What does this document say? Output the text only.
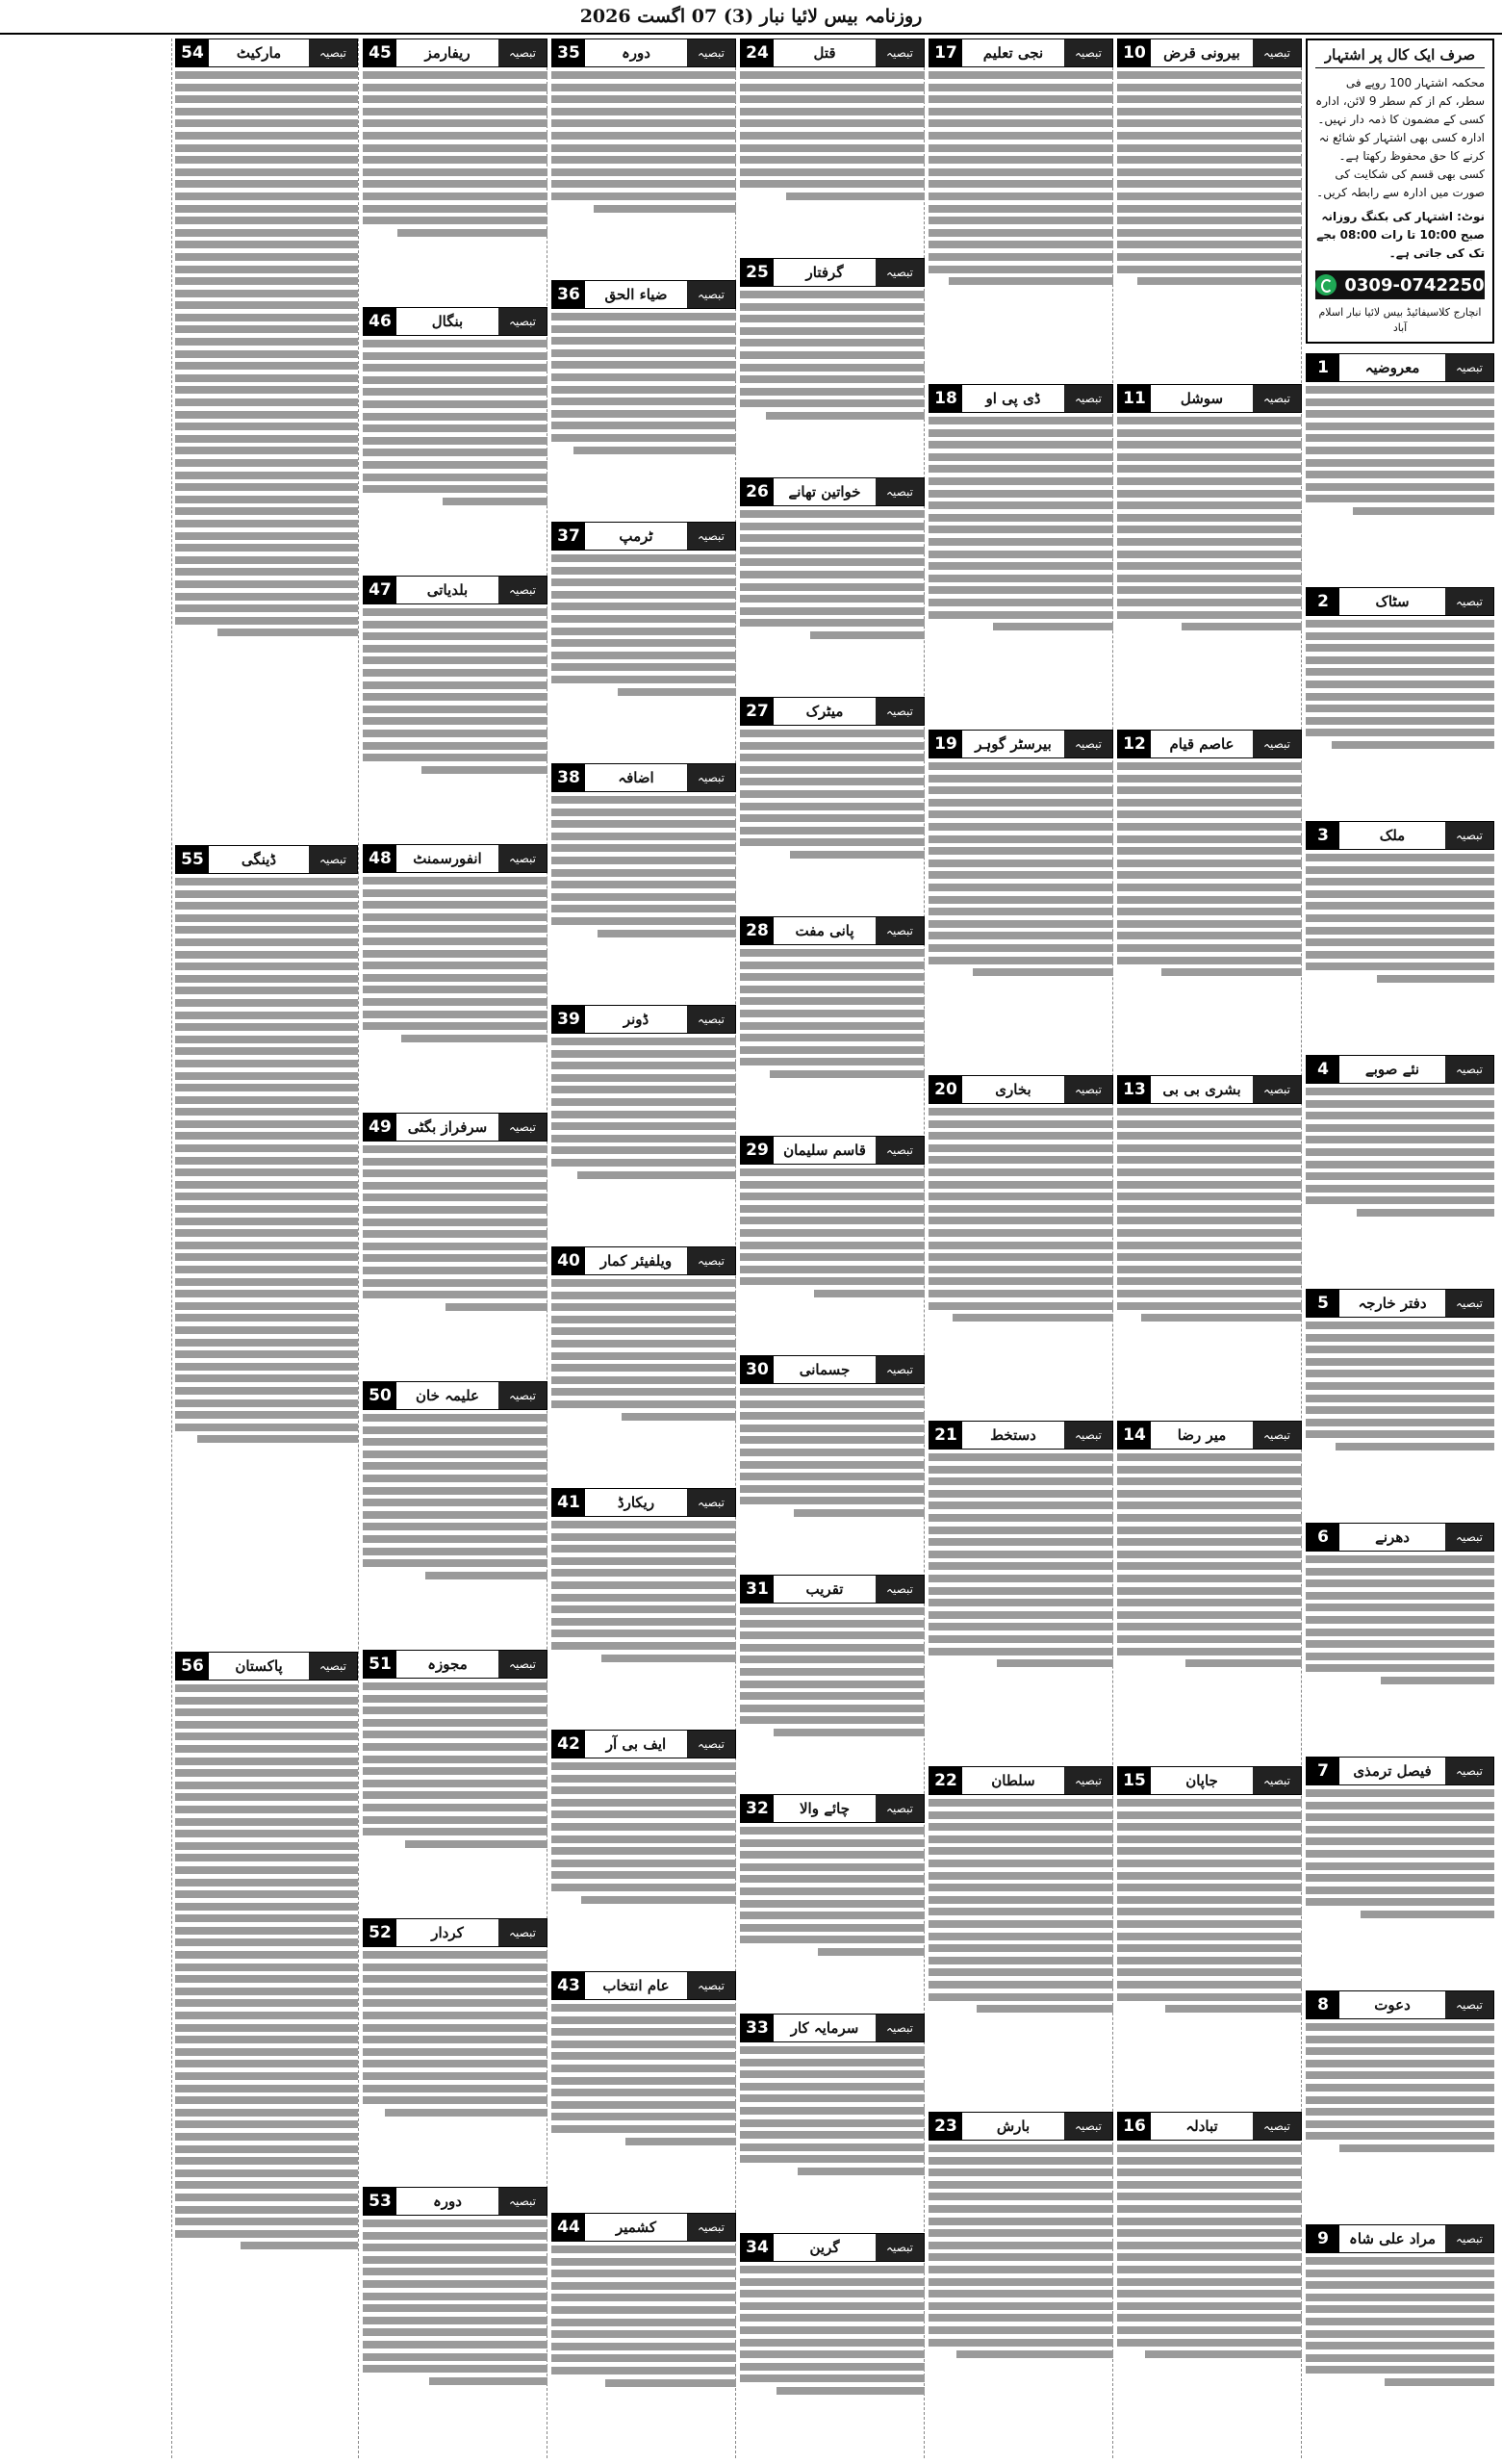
روزنامہ بیس لائیا نبار (3) 07 اگست 2026
صرف ایک کال پر اشتہار
محکمہ اشتہار 100 روپے فی سطر، کم از کم سطر 9 لائن، ادارہ کسی کے مضمون کا ذمہ دار نہیں۔ ادارہ کسی بھی اشتہار کو شائع نہ کرنے کا حق محفوظ رکھتا ہے۔ کسی بھی قسم کی شکایت کی صورت میں ادارہ سے رابطہ کریں۔
نوٹ: اشتہار کی بکنگ روزانہ صبح 10:00 تا رات 08:00 بجے تک کی جاتی ہے۔
0309-0742250
انچارج کلاسیفائیڈ بیس لائیا نبار اسلام آباد
1	معروضیہ	تبصیہ
2	سٹاک	تبصیہ
3	ملک	تبصیہ
4	نئے صوبے	تبصیہ
5	دفتر خارجہ	تبصیہ
6	دھرنے	تبصیہ
7	فیصل ترمذی	تبصیہ
8	دعوت	تبصیہ
9	مراد علی شاہ	تبصیہ
10	بیرونی قرض	تبصیہ
11	سوشل	تبصیہ
12	عاصم قیام	تبصیہ
13	بشری بی بی	تبصیہ
14	میر رضا	تبصیہ
15	جاپان	تبصیہ
16	تبادلہ	تبصیہ
17	نجی تعلیم	تبصیہ
18	ڈی پی او	تبصیہ
19	بیرسٹر گوہر	تبصیہ
20	بخاری	تبصیہ
21	دستخط	تبصیہ
22	سلطان	تبصیہ
23	بارش	تبصیہ
24	قتل	تبصیہ
25	گرفتار	تبصیہ
26	خواتین تھانے	تبصیہ
27	میٹرک	تبصیہ
28	پانی مفت	تبصیہ
29	قاسم سلیمان	تبصیہ
30	جسمانی	تبصیہ
31	تقریب	تبصیہ
32	چائے والا	تبصیہ
33	سرمایہ کار	تبصیہ
34	گرین	تبصیہ
35	دورہ	تبصیہ
36	ضیاء الحق	تبصیہ
37	ٹرمپ	تبصیہ
38	اضافہ	تبصیہ
39	ڈونر	تبصیہ
40	ویلفیئر کمار	تبصیہ
41	ریکارڈ	تبصیہ
42	ایف بی آر	تبصیہ
43	عام انتخاب	تبصیہ
44	کشمیر	تبصیہ
45	ریفارمز	تبصیہ
46	بنگال	تبصیہ
47	بلدیاتی	تبصیہ
48	انفورسمنٹ	تبصیہ
49	سرفراز بگٹی	تبصیہ
50	علیمہ خان	تبصیہ
51	مجوزہ	تبصیہ
52	کردار	تبصیہ
53	دورہ	تبصیہ
54	مارکیٹ	تبصیہ
55	ڈینگی	تبصیہ
56	پاکستان	تبصیہ
